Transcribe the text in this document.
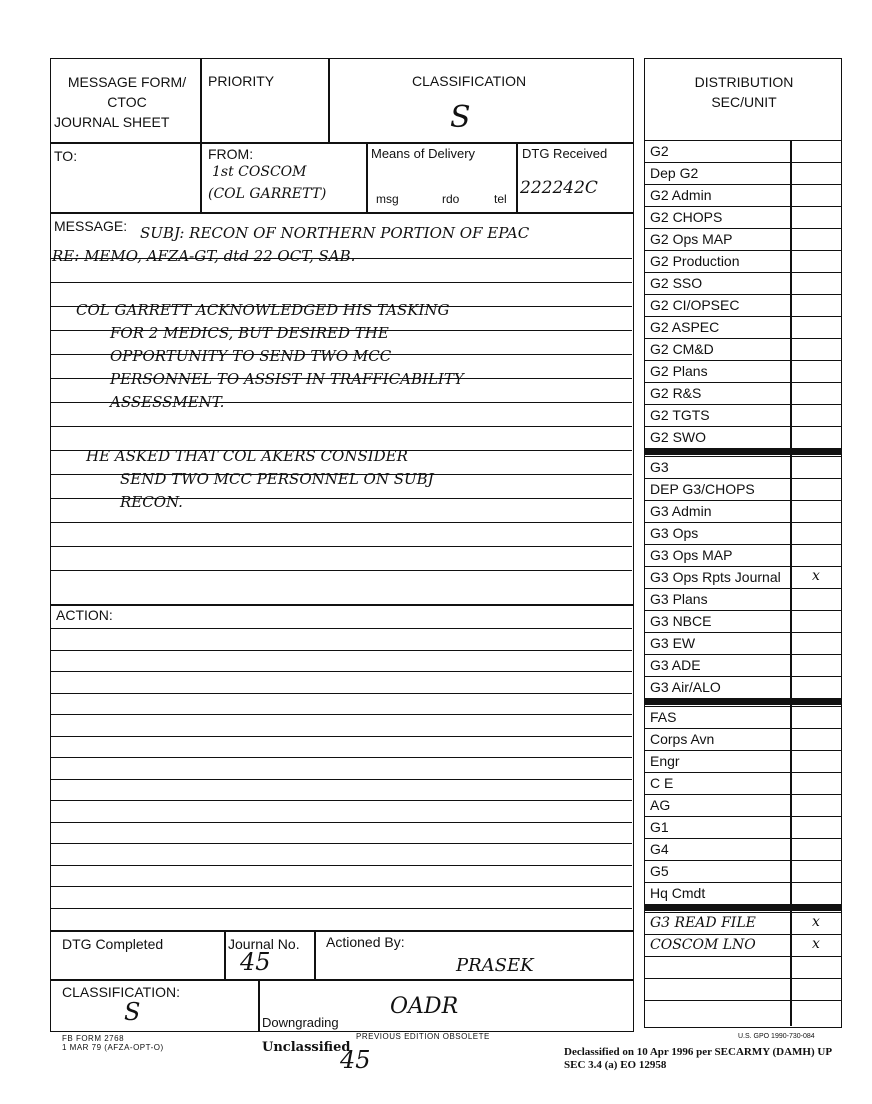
MESSAGE FORM/
CTOC
JOURNAL SHEET
PRIORITY	CLASSIFICATION
S
TO:	FROM:
1st COSCOM
(COL GARRETT)
Means of Delivery
msg	rdo	tel
DTG Received
222242C
MESSAGE: SUBJ: RECON OF NORTHERN PORTION OF EPAC
RE: MEMO, AFZA-GT, dtd 22 OCT, SAB.
COL GARRETT ACKNOWLEDGED HIS TASKING
FOR 2 MEDICS, BUT DESIRED THE
OPPORTUNITY TO SEND TWO MCC
PERSONNEL TO ASSIST IN TRAFFICABILITY
ASSESSMENT.
HE ASKED THAT COL AKERS CONSIDER
SEND TWO MCC PERSONNEL ON SUBJ
RECON.
ACTION:
DTG Completed	Journal No.
45
Actioned By:
PRASEK
CLASSIFICATION:
S	Downgrading
OADR
DISTRIBUTION
SEC/UNIT
G2
Dep G2
G2 Admin
G2 CHOPS
G2 Ops MAP
G2 Production
G2 SSO
G2 CI/OPSEC
G2 ASPEC
G2 CM&D
G2 Plans
G2 R&S
G2 TGTS
G2 SWO
G3
DEP G3/CHOPS
G3 Admin
G3 Ops
G3 Ops MAP
G3 Ops Rpts Journal x
G3 Plans
G3 NBCE
G3 EW
G3 ADE
G3 Air/ALO
FAS
Corps Avn
Engr
C E
AG
G1
G4
G5
Hq Cmdt
G3 READ FILE	x
COSCOM LNO	x
FB FORM 2768
1 MAR 79 (AFZA-OPT-O)
PREVIOUS EDITION OBSOLETE	U.S. GPO 1990-730-084
Unclassified
45	Declassified on 10 Apr 1996 per SECARMY (DAMH) UP
SEC 3.4 (a) EO 12958
